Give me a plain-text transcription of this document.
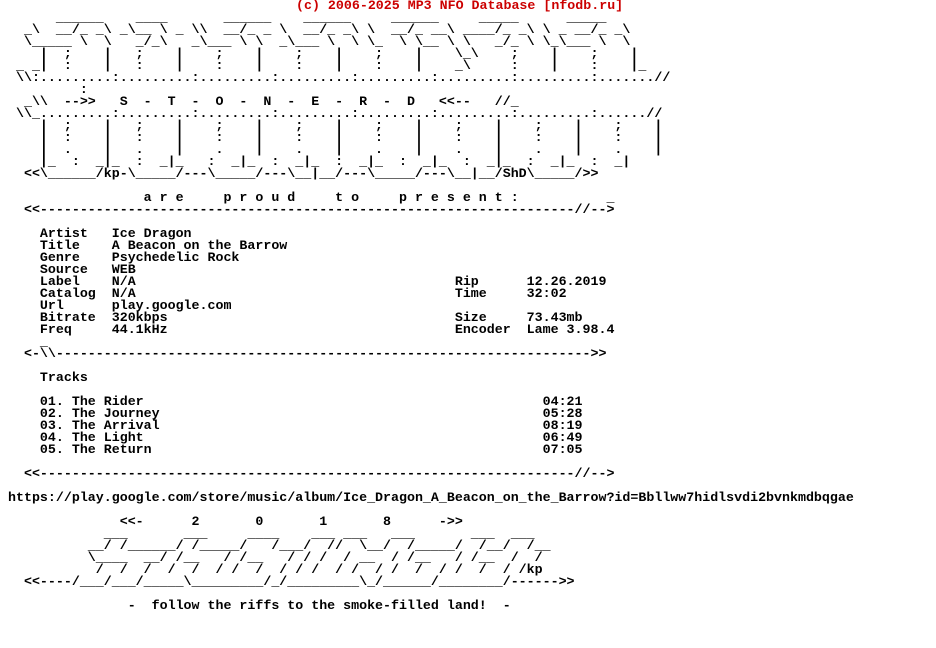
______    ____       ______    ______     ______     _____      _____
_\  __/_ _\ _\__ \ _ \\  __/_ _ \  __/_ _\ \  __/_ __\ ____/_ _\ \ _ __/_ _\
\_____ \  \   _/_\   _\___ \ \  _\___ \  \ \_  \ \__ \ \   _/_ \ \_\___ \  \
|  ;    |   ;    |    ;    |    ;    |    ;    |    \_\    ;    |    ;    |
_ _|  :    |   :    |    :    |    :    |    :    |    _\     :    |    :    |_
\\:.........:.........:.........:.........:.........:.........:.........:.......//
:
_\\  -->>   S  -  T  -  O  -  N  -  E  -  R  -  D   <<--   //_
\\_.........:.........:.........:.........:.........:.........:.........:......//
|  ;    |   ;    |    ;    |    ;    |    ;    |    ;    |    ;    |    ;    |
|  :    |   :    |    :    |    :    |    :    |    :    |    :    |    :    |
|  .    |   .    |    .    |    .    |    .    |    .    |    .    |    .    |
|_  :  _|_  :  _|_   :  _|_  :  _|_  :  _|_  :  _|_  :  _|_  :  _|_  :  _|
<<\______/kp-\_____/---\_____/---\__|__/---\_____/---\__|__/ShD\_____/>>
a r e     p r o u d     t o     p r e s e n t :           _
<<-------------------------------------------------------------------//-->
Artist   Ice Dragon
Title    A Beacon on the Barrow
Genre    Psychedelic Rock
Source   WEB
Label    N/A                                        Rip      12.26.2019
Catalog  N/A                                        Time     32:02
Url      play.google.com
Bitrate  320kbps                                    Size     73.43mb
Freq     44.1kHz                                    Encoder  Lame 3.98.4
_
<-\\------------------------------------------------------------------->>
Tracks
01. The Rider                                                  04:21
02. The Journey                                                05:28
03. The Arrival                                                08:19
04. The Light                                                  06:49
05. The Return                                                 07:05
<<-------------------------------------------------------------------//-->
https://play.google.com/store/music/album/Ice_Dragon_A_Beacon_on_the_Barrow?id=Bbllww7hidlsvdi2bvnkmdbqgae
<<-      2       0       1       8      ->>
___       ___     ____    ___ ___   ___       ___  ___
__/ /______/ /_____/   /___/  //  \__/  /_____/  /__/  /__
\____  __/ /__   / /__   / / /  / __  / /__   / /__  /  /
/  /  /  /  /  / /  /  / / /  / /  / /  /  / /  /  / /kp
<<----/___/___/_____\_________/_/_________\_/______/________/------>>
-  follow the riffs to the smoke-filled land!  -
(c) 2006-2025 MP3 NFO Database [nfodb.ru]
